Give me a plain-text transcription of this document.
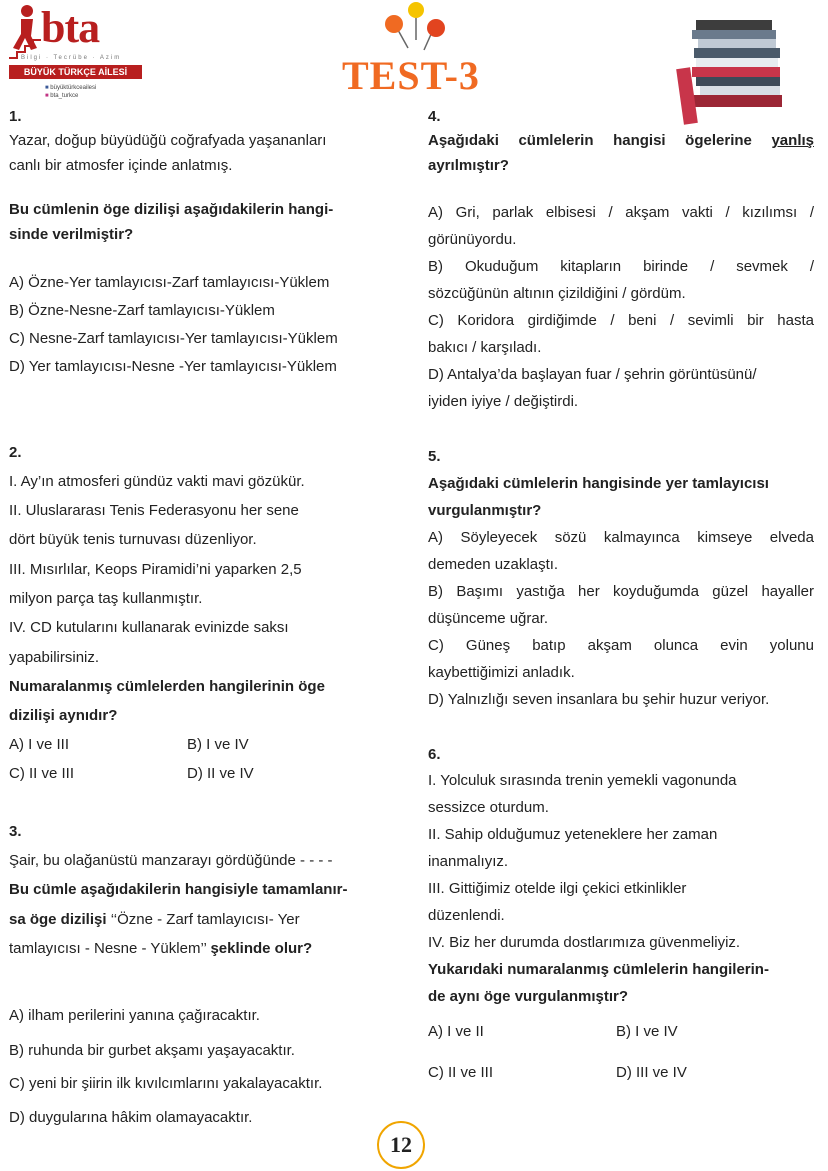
bta
Bilgi · Tecrübe · Azim
BÜYÜK TÜRKÇE AİLESİ
■ büyüktürkceailesi
■ bta_turkce	TEST-3
1.
Yazar, doğup büyüdüğü coğrafyada yaşananları
canlı bir atmosfer içinde anlatmış.
Bu cümlenin öge dizilişi aşağıdakilerin hangi-
sinde verilmiştir?
A) Özne-Yer tamlayıcısı-Zarf tamlayıcısı-Yüklem
B) Özne-Nesne-Zarf tamlayıcısı-Yüklem
C) Nesne-Zarf tamlayıcısı-Yer tamlayıcısı-Yüklem
D) Yer tamlayıcısı-Nesne -Yer tamlayıcısı-Yüklem
2.
I. Ay’ın atmosferi gündüz vakti mavi gözükür.
II. Uluslararası Tenis Federasyonu her sene
dört büyük tenis turnuvası düzenliyor.
III. Mısırlılar, Keops Piramidi’ni yaparken 2,5
milyon parça taş kullanmıştır.
IV. CD kutularını kullanarak evinizde saksı
yapabilirsiniz.
Numaralanmış cümlelerden hangilerinin öge
dizilişi aynıdır?
A) I ve III	B) I ve IV
C) II ve III	D) II ve IV
3.
Şair, bu olağanüstü manzarayı gördüğünde - - - -
Bu cümle aşağıdakilerin hangisiyle tamamlanır-
sa öge dizilişi ‘‘Özne - Zarf tamlayıcısı- Yer
tamlayıcısı - Nesne - Yüklem’’ şeklinde olur?
A) ilham perilerini yanına çağıracaktır.
B) ruhunda bir gurbet akşamı yaşayacaktır.
C) yeni bir şiirin ilk kıvılcımlarını yakalayacaktır.
D) duygularına hâkim olamayacaktır.
4.
Aşağıdaki cümlelerin hangisi ögelerine yanlış
ayrılmıştır?
A) Gri, parlak elbisesi / akşam vakti / kızılımsı /
görünüyordu.
B) Okuduğum kitapların birinde / sevmek /
sözcüğünün altının çizildiğini / gördüm.
C) Koridora girdiğimde / beni / sevimli bir hasta
bakıcı / karşıladı.
D) Antalya’da başlayan fuar / şehrin görüntüsünü/
iyiden iyiye / değiştirdi.
5.
Aşağıdaki cümlelerin hangisinde yer tamlayıcısı
vurgulanmıştır?
A) Söyleyecek sözü kalmayınca kimseye elveda
demeden uzaklaştı.
B) Başımı yastığa her koyduğumda güzel hayaller
düşünceme uğrar.
C) Güneş batıp akşam olunca evin yolunu
kaybettiğimizi anladık.
D) Yalnızlığı seven insanlara bu şehir huzur veriyor.
6.
I. Yolculuk sırasında trenin yemekli vagonunda
sessizce oturdum.
II. Sahip olduğumuz yeteneklere her zaman
inanmalıyız.
III. Gittiğimiz otelde ilgi çekici etkinlikler
düzenlendi.
IV. Biz her durumda dostlarımıza güvenmeliyiz.
Yukarıdaki numaralanmış cümlelerin hangilerin-
de aynı öge vurgulanmıştır?
A) I ve II	B) I ve IV
C) II ve III	D) III ve IV
12
